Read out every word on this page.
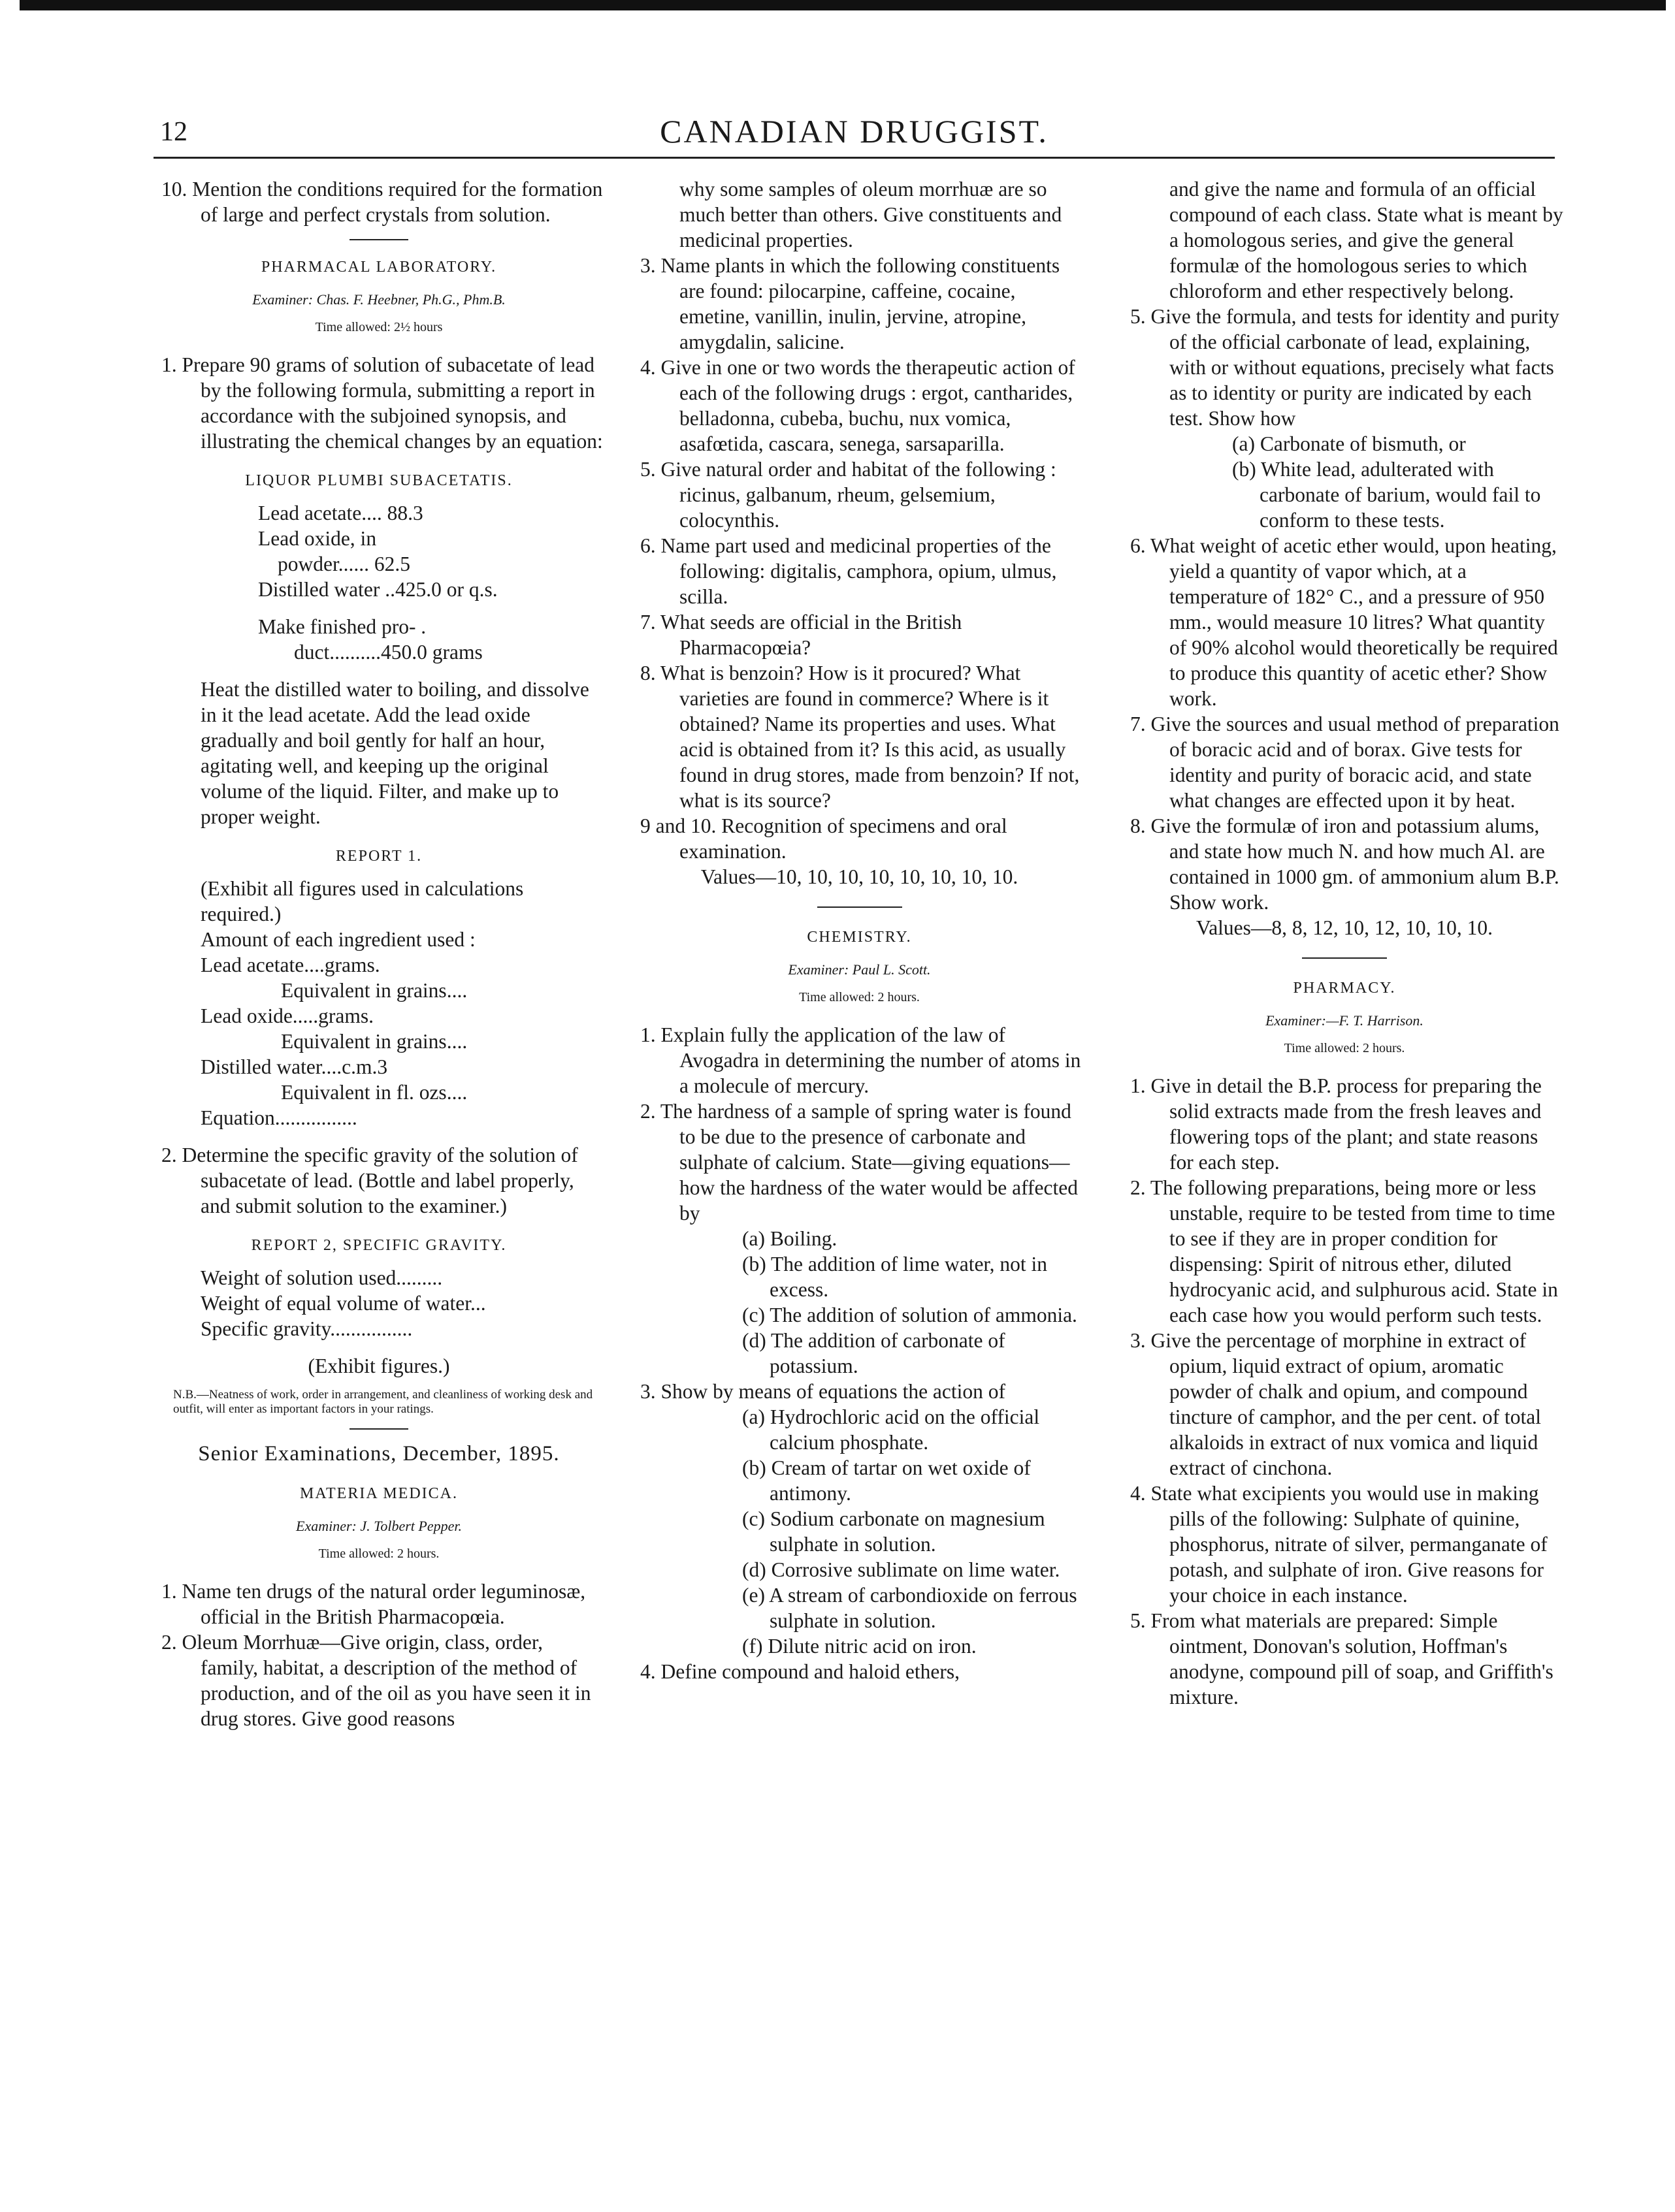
12	CANADIAN DRUGGIST.

10. Mention the conditions required for the formation of large and perfect crystals from solution.

PHARMACAL LABORATORY.
Examiner: Chas. F. Heebner, Ph.G., Phm.B.
Time allowed: 2½ hours

1. Prepare 90 grams of solution of subacetate of lead by the following formula, submitting a report in accordance with the subjoined synopsis, and illustrating the chemical changes by an equation:

LIQUOR PLUMBI SUBACETATIS.

Lead acetate.... 88.3

Lead oxide, in

powder...... 62.5

Distilled water ..425.0 or q.s.

Make finished pro- .

duct..........450.0 grams

Heat the distilled water to boiling, and dissolve in it the lead acetate. Add the lead oxide gradually and boil gently for half an hour, agitating well, and keeping up the original volume of the liquid. Filter, and make up to proper weight.

REPORT 1.

(Exhibit all figures used in calculations required.)

Amount of each ingredient used :

Lead acetate....grams.

Equivalent in grains....

Lead oxide.....grams.

Equivalent in grains....

Distilled water....c.m.3

Equivalent in fl. ozs....

Equation................

2. Determine the specific gravity of the solution of subacetate of lead. (Bottle and label properly, and submit solution to the examiner.)

REPORT 2, SPECIFIC GRAVITY.

Weight of solution used.........

Weight of equal volume of water...

Specific gravity................

(Exhibit figures.)

N.B.—Neatness of work, order in arrangement, and cleanliness of working desk and outfit, will enter as important factors in your ratings.

Senior Examinations, December, 1895.
MATERIA MEDICA.
Examiner: J. Tolbert Pepper.
Time allowed: 2 hours.

1. Name ten drugs of the natural order leguminosæ, official in the British Pharmacopœia.

2. Oleum Morrhuæ—Give origin, class, order, family, habitat, a description of the method of production, and of the oil as you have seen it in drug stores. Give good reasons

why some samples of oleum morrhuæ are so much better than others. Give constituents and medicinal properties.

3. Name plants in which the following constituents are found: pilocarpine, caffeine, cocaine, emetine, vanillin, inulin, jervine, atropine, amygdalin, salicine.

4. Give in one or two words the therapeutic action of each of the following drugs : ergot, cantharides, belladonna, cubeba, buchu, nux vomica, asafœtida, cascara, senega, sarsaparilla.

5. Give natural order and habitat of the following : ricinus, galbanum, rheum, gelsemium, colocynthis.

6. Name part used and medicinal properties of the following: digitalis, camphora, opium, ulmus, scilla.

7. What seeds are official in the British Pharmacopœia?

8. What is benzoin? How is it procured? What varieties are found in commerce? Where is it obtained? Name its properties and uses. What acid is obtained from it? Is this acid, as usually found in drug stores, made from benzoin? If not, what is its source?

9 and 10. Recognition of specimens and oral examination.

Values—10, 10, 10, 10, 10, 10, 10, 10.

CHEMISTRY.
Examiner: Paul L. Scott.
Time allowed: 2 hours.

1. Explain fully the application of the law of Avogadra in determining the number of atoms in a molecule of mercury.

2. The hardness of a sample of spring water is found to be due to the presence of carbonate and sulphate of calcium. State—giving equations—how the hardness of the water would be affected by

(a) Boiling.

(b) The addition of lime water, not in excess.

(c) The addition of solution of ammonia.

(d) The addition of carbonate of potassium.

3. Show by means of equations the action of

(a) Hydrochloric acid on the official calcium phosphate.

(b) Cream of tartar on wet oxide of antimony.

(c) Sodium carbonate on magnesium sulphate in solution.

(d) Corrosive sublimate on lime water.

(e) A stream of carbondioxide on ferrous sulphate in solution.

(f) Dilute nitric acid on iron.

4. Define compound and haloid ethers,

and give the name and formula of an official compound of each class. State what is meant by a homologous series, and give the general formulæ of the homologous series to which chloroform and ether respectively belong.

5. Give the formula, and tests for identity and purity of the official carbonate of lead, explaining, with or without equations, precisely what facts as to identity or purity are indicated by each test. Show how

(a) Carbonate of bismuth, or

(b) White lead, adulterated with carbonate of barium, would fail to conform to these tests.

6. What weight of acetic ether would, upon heating, yield a quantity of vapor which, at a temperature of 182° C., and a pressure of 950 mm., would measure 10 litres? What quantity of 90% alcohol would theoretically be required to produce this quantity of acetic ether? Show work.

7. Give the sources and usual method of preparation of boracic acid and of borax. Give tests for identity and purity of boracic acid, and state what changes are effected upon it by heat.

8. Give the formulæ of iron and potassium alums, and state how much N. and how much Al. are contained in 1000 gm. of ammonium alum B.P. Show work.

Values—8, 8, 12, 10, 12, 10, 10, 10.

PHARMACY.
Examiner:—F. T. Harrison.
Time allowed: 2 hours.

1. Give in detail the B.P. process for preparing the solid extracts made from the fresh leaves and flowering tops of the plant; and state reasons for each step.

2. The following preparations, being more or less unstable, require to be tested from time to time to see if they are in proper condition for dispensing: Spirit of nitrous ether, diluted hydrocyanic acid, and sulphurous acid. State in each case how you would perform such tests.

3. Give the percentage of morphine in extract of opium, liquid extract of opium, aromatic powder of chalk and opium, and compound tincture of camphor, and the per cent. of total alkaloids in extract of nux vomica and liquid extract of cinchona.

4. State what excipients you would use in making pills of the following: Sulphate of quinine, phosphorus, nitrate of silver, permanganate of potash, and sulphate of iron. Give reasons for your choice in each instance.

5. From what materials are prepared: Simple ointment, Donovan's solution, Hoffman's anodyne, compound pill of soap, and Griffith's mixture.
